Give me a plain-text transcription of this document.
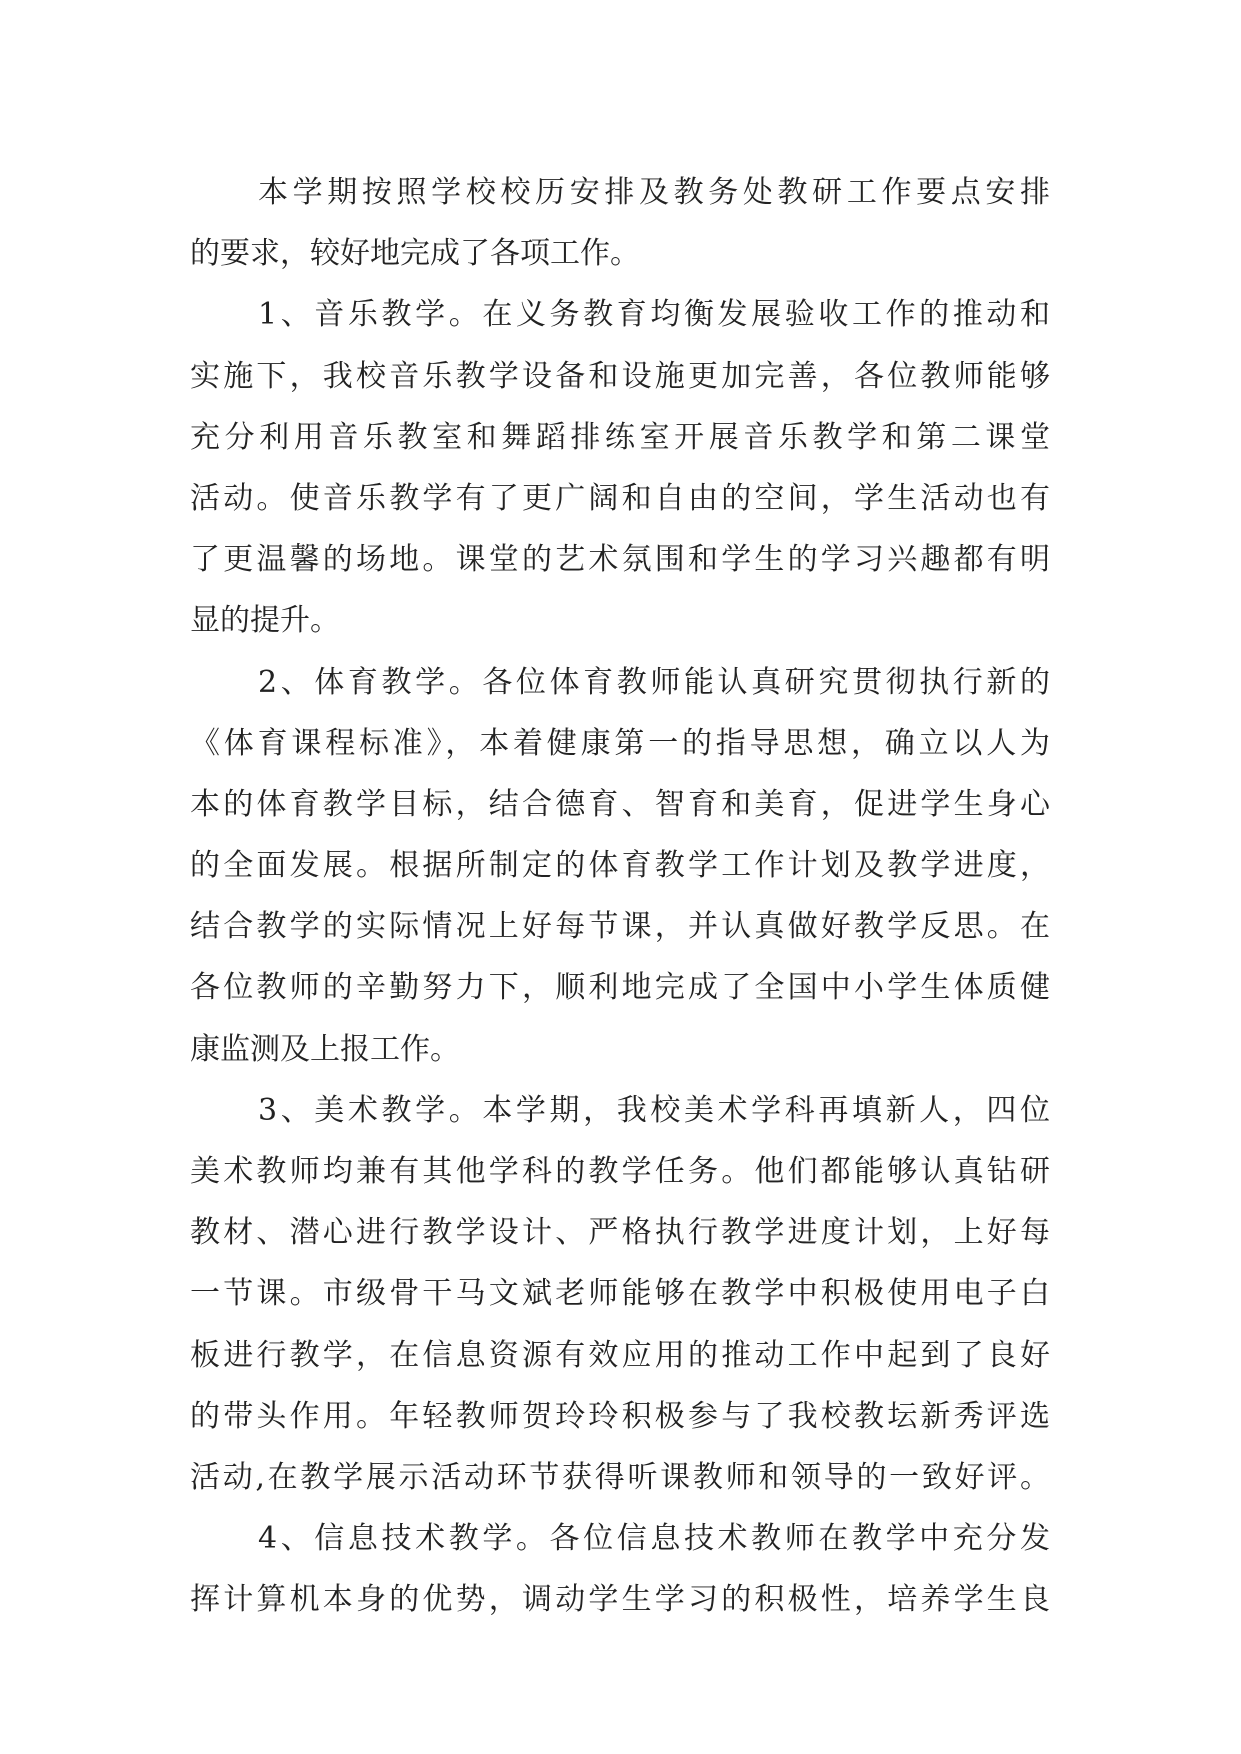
本学期按照学校校历安排及教务处教研工作要点安排
的要求，较好地完成了各项工作。
1、音乐教学。在义务教育均衡发展验收工作的推动和
实施下，我校音乐教学设备和设施更加完善，各位教师能够
充分利用音乐教室和舞蹈排练室开展音乐教学和第二课堂
活动。使音乐教学有了更广阔和自由的空间，学生活动也有
了更温馨的场地。课堂的艺术氛围和学生的学习兴趣都有明
显的提升。
2、体育教学。各位体育教师能认真研究贯彻执行新的
《体育课程标准》，本着健康第一的指导思想，确立以人为
本的体育教学目标，结合德育、智育和美育，促进学生身心
的全面发展。根据所制定的体育教学工作计划及教学进度，
结合教学的实际情况上好每节课，并认真做好教学反思。在
各位教师的辛勤努力下，顺利地完成了全国中小学生体质健
康监测及上报工作。
3、美术教学。本学期，我校美术学科再填新人，四位
美术教师均兼有其他学科的教学任务。他们都能够认真钻研
教材、潜心进行教学设计、严格执行教学进度计划，上好每
一节课。市级骨干马文斌老师能够在教学中积极使用电子白
板进行教学，在信息资源有效应用的推动工作中起到了良好
的带头作用。年轻教师贺玲玲积极参与了我校教坛新秀评选
活动,在教学展示活动环节获得听课教师和领导的一致好评。
4、信息技术教学。各位信息技术教师在教学中充分发
挥计算机本身的优势，调动学生学习的积极性，培养学生良
